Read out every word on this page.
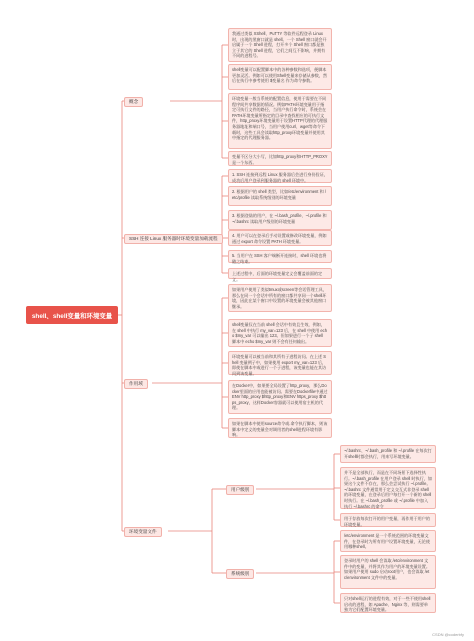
shell、shell变量和环境变量
概念
SSH 连接 Linux 服务器时环境变量加载流程
作用域
环境变量文件
用户级别
系统级别
我通过类似 XShell、PuTTY 等软件远程登录 Linux 时，出现的黑窗口就是 shell。一个 Shell 窗口就会开启属于一个 Shell 进程，打开多个 Shell 窗口都是独立于其它的 Shell 进程，它们之间互不影响，并拥有不同的进程号。
shell变量可以配置脚本中的各种参数和选项，便脚本更加灵活。例如可以使用Shell变量来存储从参数，然后在执行中参考使用 $变量名 作为命令参数。
环境变量一般当系统的配置信息，使用于需要在不同程序间共享数据的情况。例如PATH环境变量用于指定可执行文件的路径，当用户执行命令时，系统会在PATH环境变量所指定的目录中查找相应的可执行文件，http_proxy环境变量用于设置HTTP代理的代理服务器地址和端口号，当用户使用curl、wget等命令下载时，这些工具会读取http_proxy环境变量并使用其中指定的代理服务器。
变量不区分大小写，比如http_proxy和HTTP_PROXY是一个东西。
1. SSH 连接到远程 Linux 服务器后会进行身份验证，成功后用户登录到服务器的 shell 环境中。
2. 根据用户的 shell 类型，比如/etc/environment 和 /etc/profile 读取系统级别的环境变量
3. 根据登陆的用户，在 ~/.bash_profile、~/.profile 和 ~/.bashrc 读取用户级别的环境变量
4. 用户可以在登录后手动设置或修改环境变量，例如通过 export 命令设置 PATH 环境变量。
5. 当用户在 SSH 客户端断开连接时，shell 环境也将随之结束。
上述过程中，后面的环境变量定义会覆盖前面的定义。
如果用户使用了类似tmux或screen等会话管理工具，那么在同一个会话中所有的窗口都共享同一个shell环境，因此在某个窗口中设置的环境变量会被其他窗口继承。
shell变量仅在当前 shell 会话中有效且生效，例如，在 shell 中执行 my_var=123 后，在 shell 中使用 echo $my_var 可以输出 123。但如果进行一个子 shell 脚本中 echo $my_var 则不会有任何输出。
环境变量可以被当前和其所有子进程访问。在上述 Shell 变量例子中，如果使用 export my_var=123 后，即使在脚本中或进行一个子进程，该变量也能在其访问到该变量。
在Docker中，如果要全局设置了http_proxy，那么Docker里面的应用也能被访问。需要在Dockerfile中通过ENV http_proxy $http_proxy和ENV https_proxy $https_proxy，这样Docker容器就可以使用宿主机的代理。
如果在脚本中使用source命令或.命令执行脚本，则该脚本中定义的变量会对调用者的shell进程环境有影响。
~/.bashrc、~/.bash_profile 和 ~/.profile 在每次打开shell时都会执行，用来写环境变量。
并不是全部执行，而是在不同场景下选择性执行。~/.bash_profile 在用户登录 shell 时执行，如果这个文件不存在，那么会尝试执行 ~/.profile。~/.bashrc 文件通常用于定义交互式非登录 shell 的环境变量，在登录后用户每打开一个新的 shell 时执行。在 ~/.bash_profile 或 ~/.profile 中加入执行 ~/.bashrc 的命令
用于存放每次打开的用户变量，再作用于用户的环境变量。
/etc/environment 是一个系统范围的环境变量文件，在登录时为所有用户设置环境变量，无论使用哪种shell。
登录时用户的 shell 会读取 /etc/environment 文件中的变量，并将其作为用户的环境变量设置。如果用户使用 sudo 启动root用户，也会读取 /etc/environment 文件中的变量。
只对shell运行的进程有效，对于一些不使用shell 启动的进程，如 Apache、Nginx 等，则需要单独为它们配置环境变量。
CSDN @coderbfy
